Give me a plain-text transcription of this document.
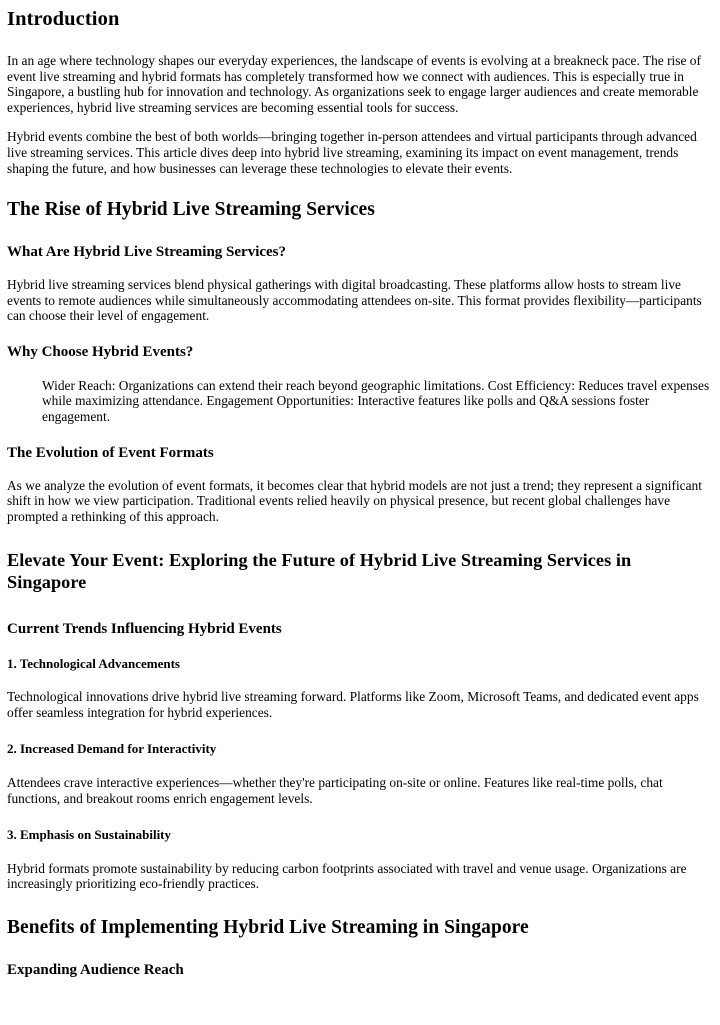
Introduction

In an age where technology shapes our everyday experiences, the landscape of events is evolving at a breakneck pace. The rise of event live streaming and hybrid formats has completely transformed how we connect with audiences. This is especially true in Singapore, a bustling hub for innovation and technology. As organizations seek to engage larger audiences and create memorable experiences, hybrid live streaming services are becoming essential tools for success.

Hybrid events combine the best of both worlds—bringing together in-person attendees and virtual participants through advanced live streaming services. This article dives deep into hybrid live streaming, examining its impact on event management, trends shaping the future, and how businesses can leverage these technologies to elevate their events.

The Rise of Hybrid Live Streaming Services
What Are Hybrid Live Streaming Services?

Hybrid live streaming services blend physical gatherings with digital broadcasting. These platforms allow hosts to stream live events to remote audiences while simultaneously accommodating attendees on-site. This format provides flexibility—participants can choose their level of engagement.

Why Choose Hybrid Events?

Wider Reach: Organizations can extend their reach beyond geographic limitations. Cost Efficiency: Reduces travel expenses while maximizing attendance. Engagement Opportunities: Interactive features like polls and Q&A sessions foster engagement.

The Evolution of Event Formats

As we analyze the evolution of event formats, it becomes clear that hybrid models are not just a trend; they represent a significant shift in how we view participation. Traditional events relied heavily on physical presence, but recent global challenges have prompted a rethinking of this approach.

Elevate Your Event: Exploring the Future of Hybrid Live Streaming Services in Singapore
Current Trends Influencing Hybrid Events
1. Technological Advancements

Technological innovations drive hybrid live streaming forward. Platforms like Zoom, Microsoft Teams, and dedicated event apps offer seamless integration for hybrid experiences.

2. Increased Demand for Interactivity

Attendees crave interactive experiences—whether they're participating on-site or online. Features like real-time polls, chat functions, and breakout rooms enrich engagement levels.

3. Emphasis on Sustainability

Hybrid formats promote sustainability by reducing carbon footprints associated with travel and venue usage. Organizations are increasingly prioritizing eco-friendly practices.

Benefits of Implementing Hybrid Live Streaming in Singapore
Expanding Audience Reach
